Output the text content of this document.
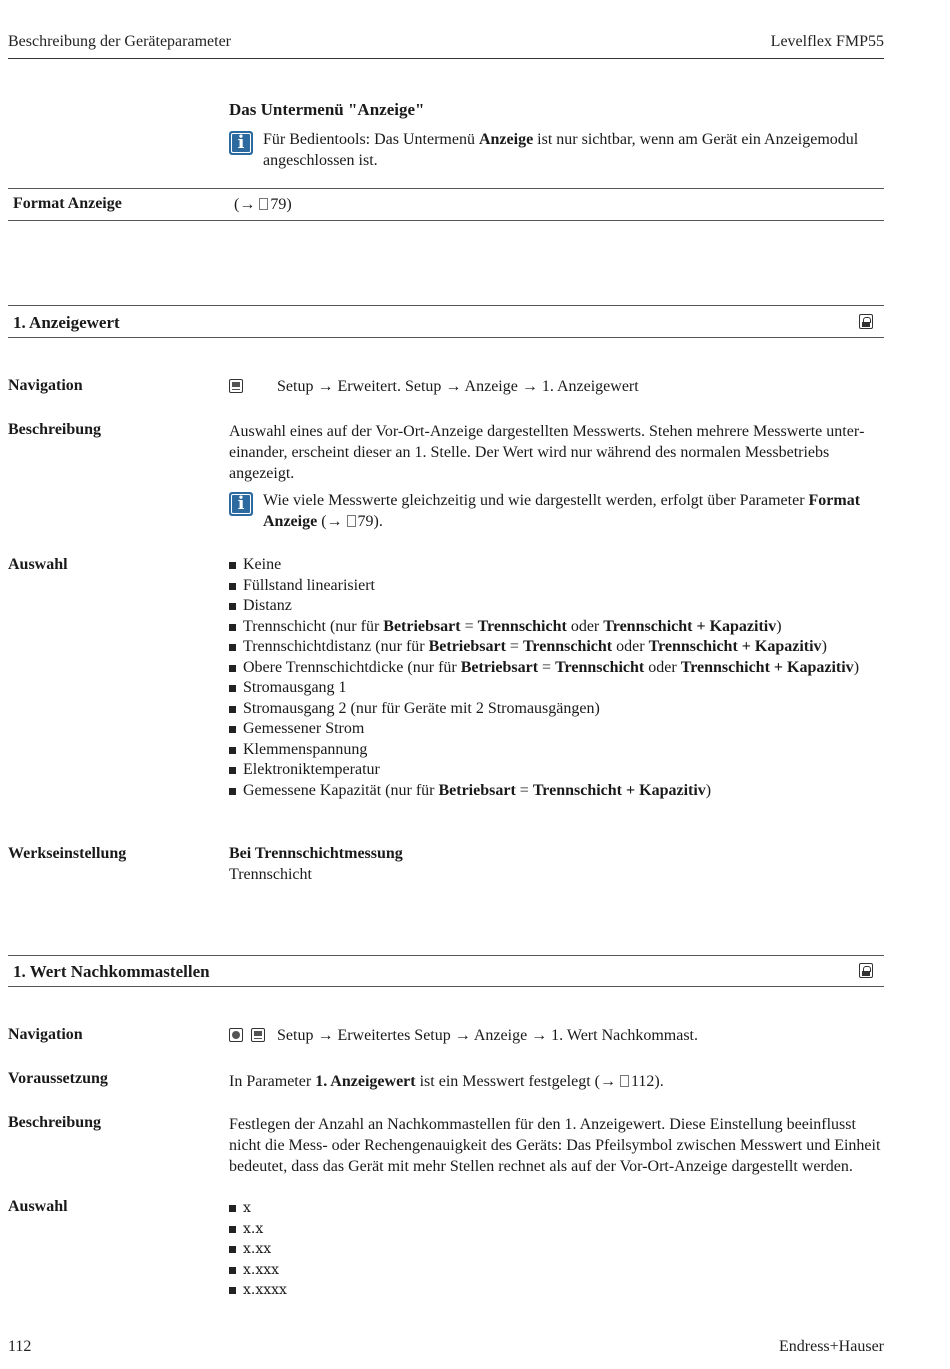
Beschreibung der Geräteparameter	Levelflex FMP55
Das Untermenü "Anzeige"
i	Für Bedientools: Das Untermenü Anzeige ist nur sichtbar, wenn am Gerät ein Anzeigemodul angeschlossen ist.
Format Anzeige	(→ 79)
1. Anzeigewert
Navigation	Setup → Erweitert. Setup → Anzeige → 1. Anzeigewert
Beschreibung	Auswahl eines auf der Vor-Ort-Anzeige dargestellten Messwerts. Stehen mehrere Messwerte untereinander, erscheint dieser an 1. Stelle. Der Wert wird nur während des normalen Messbetriebs angezeigt.
i	Wie viele Messwerte gleichzeitig und wie dargestellt werden, erfolgt über Parameter Format Anzeige (→ 79).
Auswahl	Keine
Füllstand linearisiert
Distanz
Trennschicht (nur für Betriebsart = Trennschicht oder Trennschicht + Kapazitiv)
Trennschichtdistanz (nur für Betriebsart = Trennschicht oder Trennschicht + Kapazitiv)
Obere Trennschichtdicke (nur für Betriebsart = Trennschicht oder Trennschicht + Kapazitiv)
Stromausgang 1
Stromausgang 2 (nur für Geräte mit 2 Stromausgängen)
Gemessener Strom
Klemmenspannung
Elektroniktemperatur
Gemessene Kapazität (nur für Betriebsart = Trennschicht + Kapazitiv)
Werkseinstellung	Bei Trennschichtmessung
Trennschicht
1. Wert Nachkommastellen
Navigation	Setup → Erweitertes Setup → Anzeige → 1. Wert Nachkommast.
Voraussetzung	In Parameter 1. Anzeigewert ist ein Messwert festgelegt (→ 112).
Beschreibung	Festlegen der Anzahl an Nachkommastellen für den 1. Anzeigewert. Diese Einstellung beeinflusst nicht die Mess- oder Rechengenauigkeit des Geräts: Das Pfeilsymbol zwischen Messwert und Einheit bedeutet, dass das Gerät mit mehr Stellen rechnet als auf der Vor-Ort-Anzeige dargestellt werden.
Auswahl	x
x.x
x.xx
x.xxx
x.xxxx
112	Endress+Hauser
